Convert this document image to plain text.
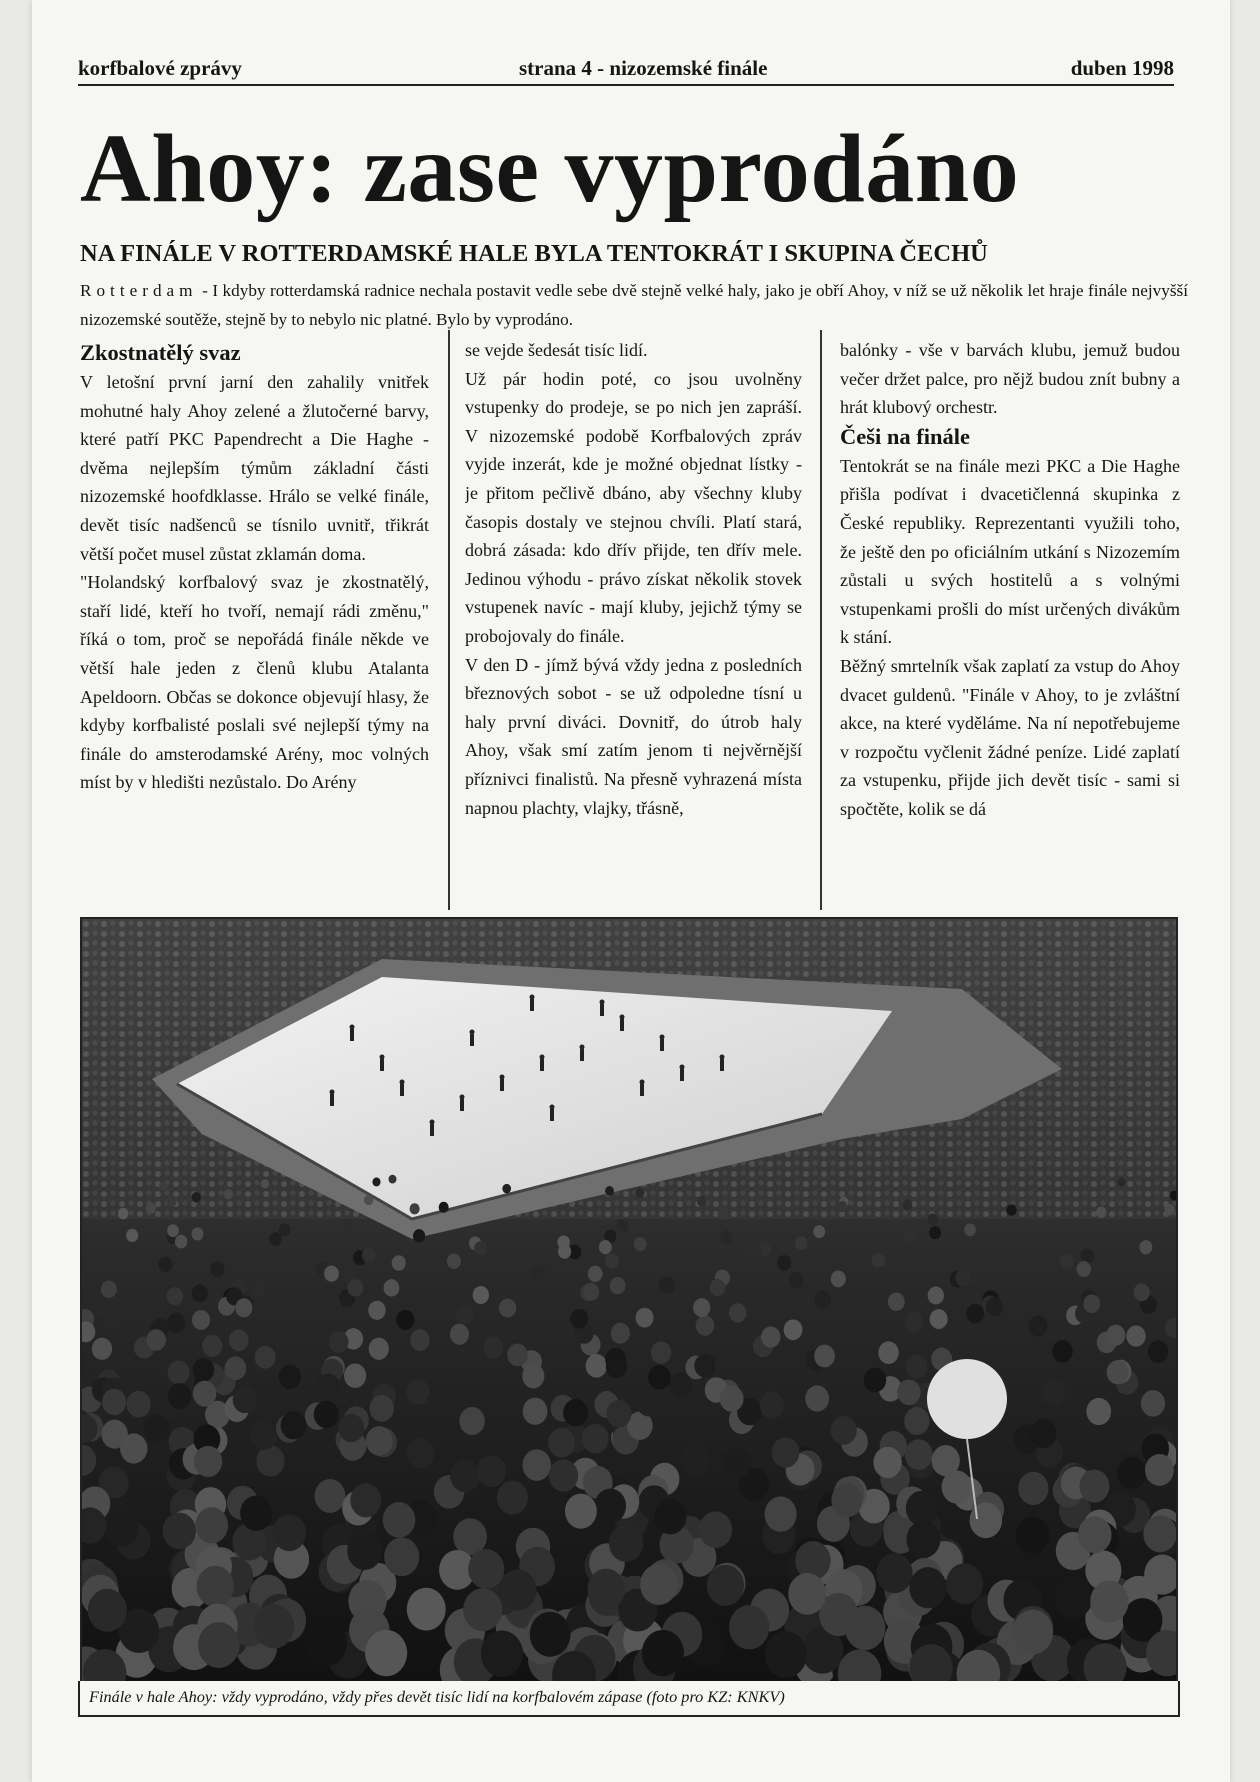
korfbalové zprávy	strana 4 - nizozemské finále	duben 1998
Ahoy: zase vyprodáno
NA FINÁLE V ROTTERDAMSKÉ HALE BYLA TENTOKRÁT I SKUPINA ČECHŮ
Rotterdam - I kdyby rotterdamská radnice nechala postavit vedle sebe dvě stejně velké haly, jako je obří Ahoy, v níž se už několik let hraje finále nejvyšší nizozemské soutěže, stejně by to nebylo nic platné. Bylo by vyprodáno.
Zkostnatělý svaz

V letošní první jarní den zahalily vnitřek mohutné haly Ahoy zelené a žlutočerné barvy, které patří PKC Papendrecht a Die Haghe - dvěma nejlepším týmům základní části nizozemské hoofdklasse. Hrálo se velké finále, devět tisíc nadšenců se tísnilo uvnitř, třikrát větší počet musel zůstat zklamán doma.

"Holandský korfbalový svaz je zkostnatělý, staří lidé, kteří ho tvoří, nemají rádi změnu," říká o tom, proč se nepořádá finále někde ve větší hale jeden z členů klubu Atalanta Apeldoorn. Občas se dokonce objevují hlasy, že kdyby korfbalisté poslali své nejlepší týmy na finále do amsterodamské Arény, moc volných míst by v hledišti nezůstalo. Do Arény

se vejde šedesát tisíc lidí.

Už pár hodin poté, co jsou uvolněny vstupenky do prodeje, se po nich jen zapráší. V nizozemské podobě Korfbalových zpráv vyjde inzerát, kde je možné objednat lístky - je přitom pečlivě dbáno, aby všechny kluby časopis dostaly ve stejnou chvíli. Platí stará, dobrá zásada: kdo dřív přijde, ten dřív mele. Jedinou výhodu - právo získat několik stovek vstupenek navíc - mají kluby, jejichž týmy se probojovaly do finále.

V den D - jímž bývá vždy jedna z posledních březnových sobot - se už odpoledne tísní u haly první diváci. Dovnitř, do útrob haly Ahoy, však smí zatím jenom ti nejvěrnější příznivci finalistů. Na přesně vyhrazená místa napnou plachty, vlajky, třásně,

balónky - vše v barvách klubu, jemuž budou večer držet palce, pro nějž budou znít bubny a hrát klubový orchestr.

Češi na finále

Tentokrát se na finále mezi PKC a Die Haghe přišla podívat i dvacetičlenná skupinka z České republiky. Reprezentanti využili toho, že ještě den po oficiálním utkání s Nizozemím zůstali u svých hostitelů a s volnými vstupenkami prošli do míst určených divákům k stání.

Běžný smrtelník však zaplatí za vstup do Ahoy dvacet guldenů. "Finále v Ahoy, to je zvláštní akce, na které vyděláme. Na ní nepotřebujeme v rozpočtu vyčlenit žádné peníze. Lidé zaplatí za vstupenku, přijde jich devět tisíc - sami si spočtěte, kolik se dá

Finále v hale Ahoy: vždy vyprodáno, vždy přes devět tisíc lidí na korfbalovém zápase (foto pro KZ: KNKV)
